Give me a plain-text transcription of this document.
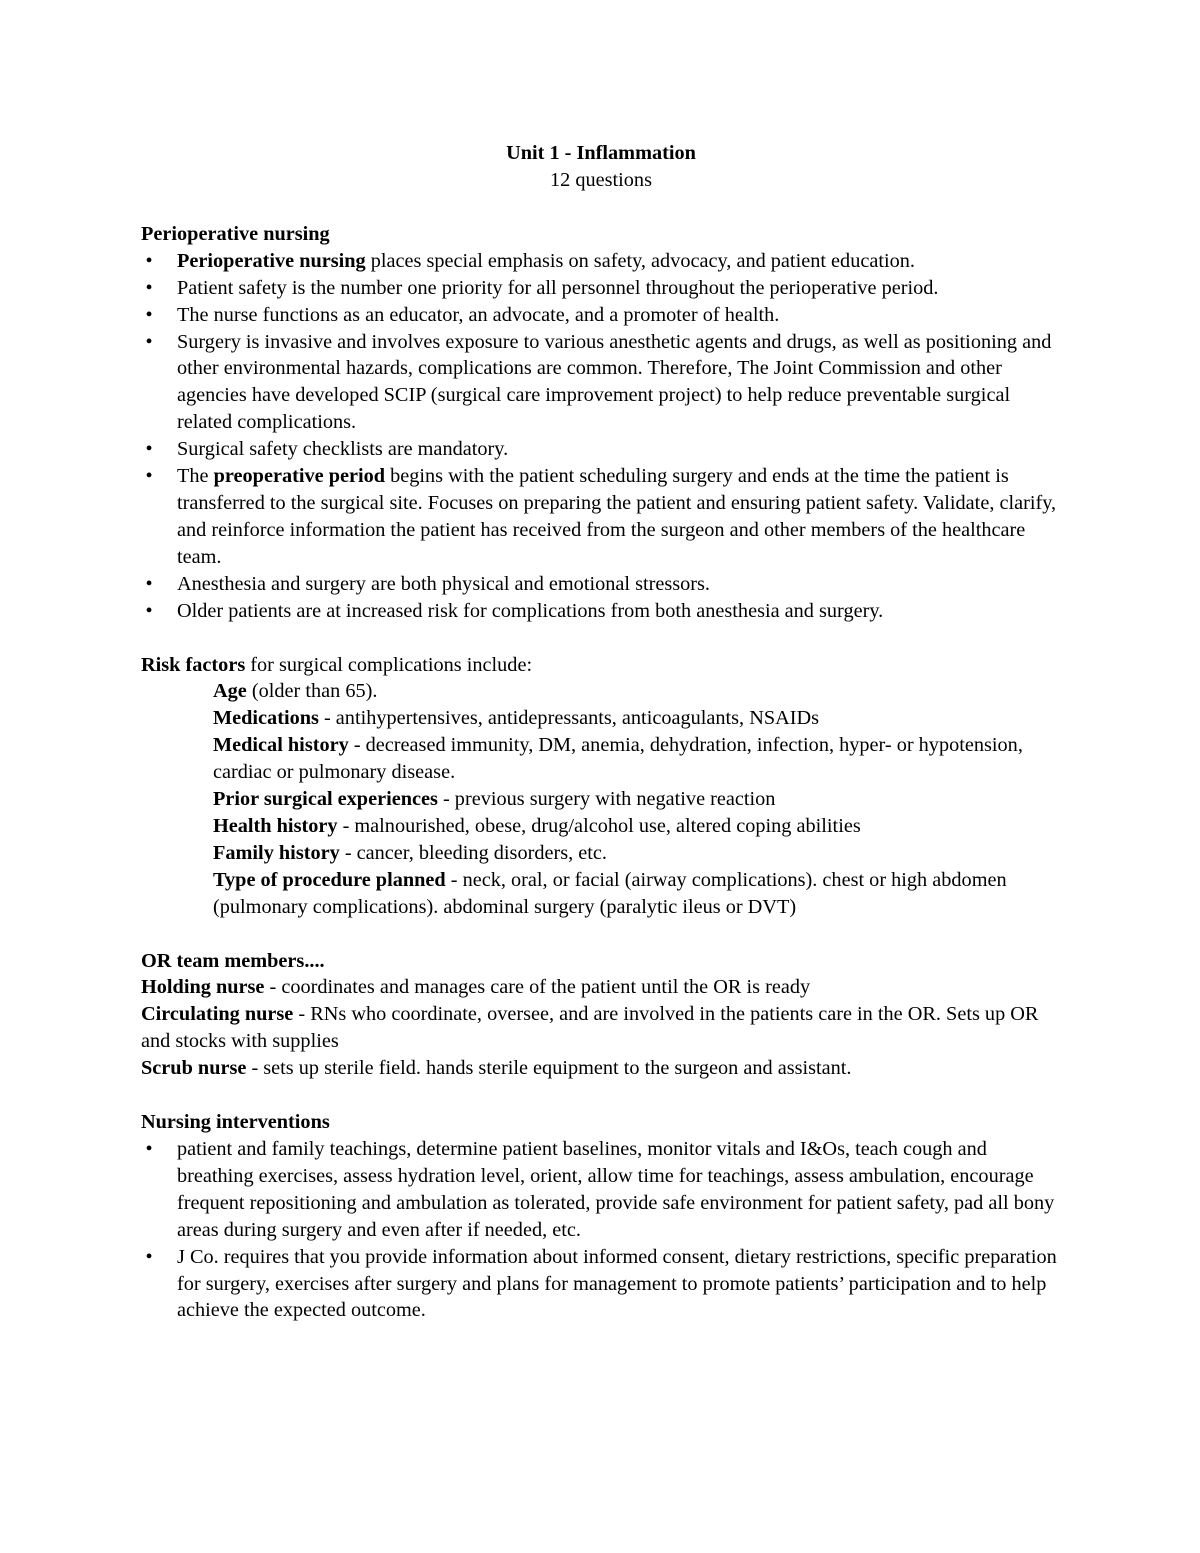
Unit 1 - Inflammation

12 questions

Perioperative nursing

• Perioperative nursing places special emphasis on safety, advocacy, and patient education.
• Patient safety is the number one priority for all personnel throughout the perioperative period.
• The nurse functions as an educator, an advocate, and a promoter of health.
• Surgery is invasive and involves exposure to various anesthetic agents and drugs, as well as positioning and other environmental hazards, complications are common. Therefore, The Joint Commission and other agencies have developed SCIP (surgical care improvement project) to help reduce preventable surgical related complications.
• Surgical safety checklists are mandatory.
• The preoperative period begins with the patient scheduling surgery and ends at the time the patient is transferred to the surgical site. Focuses on preparing the patient and ensuring patient safety. Validate, clarify, and reinforce information the patient has received from the surgeon and other members of the healthcare team.
• Anesthesia and surgery are both physical and emotional stressors.
• Older patients are at increased risk for complications from both anesthesia and surgery.

Risk factors for surgical complications include:

Age (older than 65).

Medications - antihypertensives, antidepressants, anticoagulants, NSAIDs

Medical history - decreased immunity, DM, anemia, dehydration, infection, hyper- or hypotension, cardiac or pulmonary disease.

Prior surgical experiences - previous surgery with negative reaction

Health history - malnourished, obese, drug/alcohol use, altered coping abilities

Family history - cancer, bleeding disorders, etc.

Type of procedure planned - neck, oral, or facial (airway complications). chest or high abdomen (pulmonary complications). abdominal surgery (paralytic ileus or DVT)

OR team members....

Holding nurse - coordinates and manages care of the patient until the OR is ready

Circulating nurse - RNs who coordinate, oversee, and are involved in the patients care in the OR. Sets up OR and stocks with supplies

Scrub nurse - sets up sterile field. hands sterile equipment to the surgeon and assistant.

Nursing interventions

• patient and family teachings, determine patient baselines, monitor vitals and I&Os, teach cough and breathing exercises, assess hydration level, orient, allow time for teachings, assess ambulation, encourage frequent repositioning and ambulation as tolerated, provide safe environment for patient safety, pad all bony areas during surgery and even after if needed, etc.
• J Co. requires that you provide information about informed consent, dietary restrictions, specific preparation for surgery, exercises after surgery and plans for management to promote patients’ participation and to help achieve the expected outcome.
